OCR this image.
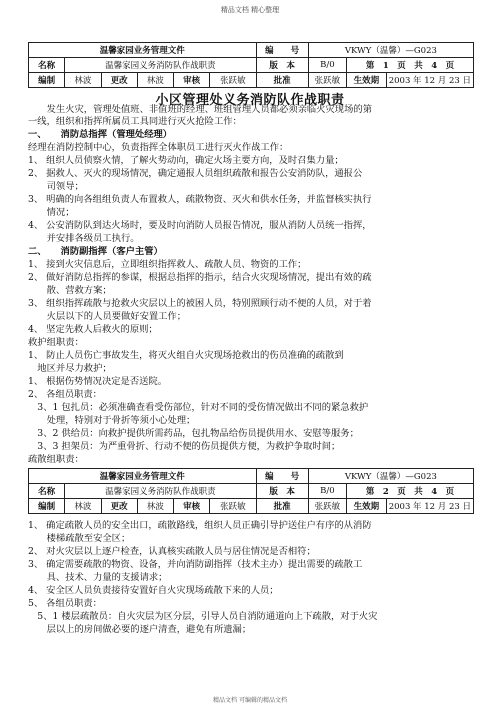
精品文档 精心整理
温馨家园业务管理文件						编　　号	VKWY（温馨）—G023		
名称	温馨家园义务消防队作战职责					版　本	B/0	第　1　页　共　4　页	
编制	林波	更改	林波	审核	张跃敏	批准	张跃敏	生效期	2003 年 12 月 23 日
小区管理处义务消防队作战职责
　　发生火灾，管理处值班、非值班的经理、班组管理人员都必须亲临火灾现场的第
一线，组织和指挥所属员工具同进行灭火抢险工作：
一、　　消防总指挥（管理处经理）
经理在消防控制中心，负责指挥全体职员工进行灭火作战工作：
1、 组织人员侦察火情，了解火势动向，确定火场主要方向，及时召集力量；
2、 据救人、灭火的现场情况，确定通报人员组织疏散和报告公安消防队，通报公
　　司领导；
3、 明确的向各组组负责人布置救人，疏散物资、灭火和供水任务，并监督核实执行
　　情况；
4、 公安消防队到达火场时，要及时向消防人员报告情况，服从消防人员统一指挥，
　　并安排各级员工执行。
二、　　消防副指挥（客户主管）
1、 接到火灾信息后，立即组织指挥救人、疏散人员、物资的工作；
2、 做好消防总指挥的参谋，根据总指挥的指示，结合火灾现场情况，提出有效的疏
　　散、营救方案；
3、 组织指挥疏散与抢救火灾层以上的被困人员，特别照顾行动不便的人员，对于着
　　火层以下的人员要做好安置工作；
4、 坚定先救人后救火的原则；
救护组职责：
1、 防止人员伤亡事故发生，将灭火组自火灾现场抢救出的伤员准确的疏散到
　地区并尽力救护；
1、 根据伤势情况决定是否送院。
2、 各组员职责：
　3、1 包扎员：必须准确查看受伤部位，针对不同的受伤情况做出不同的紧急救护
　　处理，特别对于骨折等须小心处理；
　3、2 供给员：向救护提供所需药品，包扎物品给伤员提供用水、安慰等服务；
　3、3 担架员：为严重骨折、行动不便的伤员提供方便，为救护争取时间；
疏散组职责：
温馨家园业务管理文件						编　　号	VKWY（温馨）—G023		
名称	温馨家园义务消防队作战职责					版　本	B/0	第　2　页　共　4　页	
编制	林波	更改	林波	审核	张跃敏	批准	张跃敏	生效期	2003 年 12 月 23 日
1、 确定疏散人员的安全出口，疏散路线，组织人员正确引导护送住户有序的从消防
　　楼梯疏散至安全区；
2、 对火灾层以上逐户检查，认真核实疏散人员与居住情况是否相符；
3、 确定需要疏散的物资、设备，并向消防副指挥（技术主办）提出需要的疏散工
　　具、技术、力量的支援请求；
4、 安全区人员负责接待安置好自火灾现场疏散下来的人员；
5、 各组员职责：
　5、1 楼层疏散员：自火灾层为区分层，引导人员自消防通道向上下疏散，对于火灾
　　层以上的房间做必要的逐户清查，避免有所遗漏；
精品文档 可编辑的精品文档
